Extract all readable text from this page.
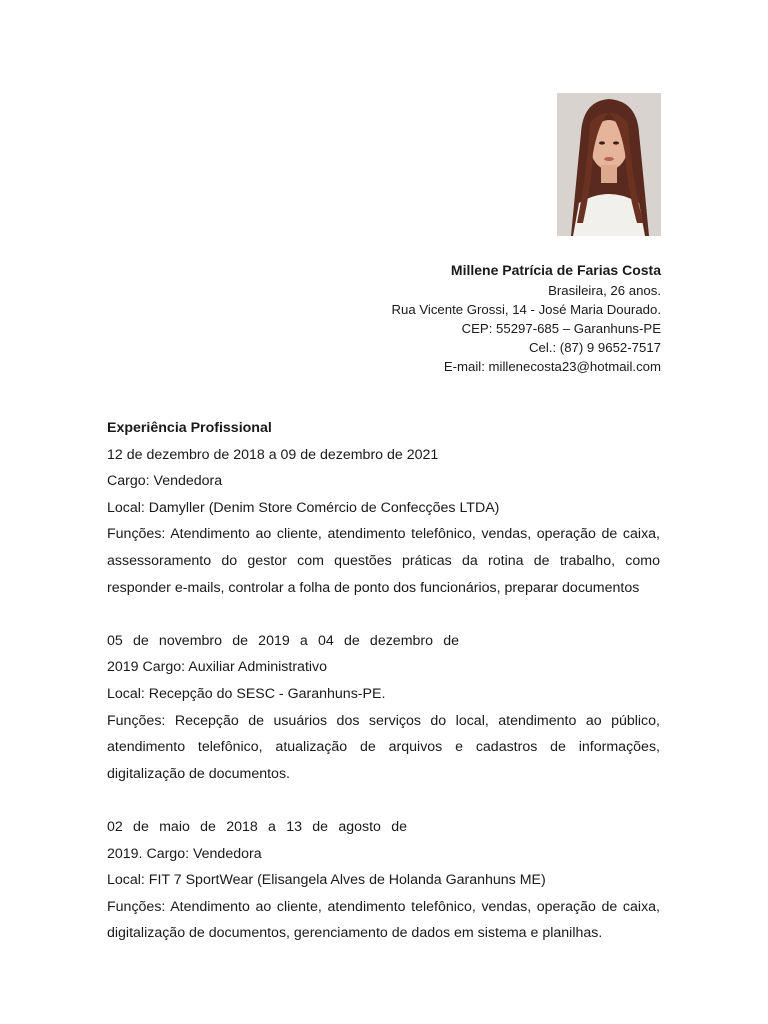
Millene Patrícia de Farias Costa
Brasileira, 26 anos.
Rua Vicente Grossi, 14 - José Maria Dourado.
CEP: 55297-685 – Garanhuns-PE
Cel.: (87) 9 9652-7517
E-mail: millenecosta23@hotmail.com

Experiência Profissional

12 de dezembro de 2018 a 09 de dezembro de 2021

Cargo: Vendedora

Local: Damyller (Denim Store Comércio de Confecções LTDA)

Funções: Atendimento ao cliente, atendimento telefônico, vendas, operação de caixa, assessoramento do gestor com questões práticas da rotina de trabalho, como responder e-mails, controlar a folha de ponto dos funcionários, preparar documentos

05 de novembro de 2019 a 04 de dezembro de

2019 Cargo: Auxiliar Administrativo

Local: Recepção do SESC - Garanhuns-PE.

Funções: Recepção de usuários dos serviços do local, atendimento ao público, atendimento telefônico, atualização de arquivos e cadastros de informações, digitalização de documentos.

02 de maio de 2018 a 13 de agosto de

2019. Cargo: Vendedora

Local: FIT 7 SportWear (Elisangela Alves de Holanda Garanhuns ME)

Funções: Atendimento ao cliente, atendimento telefônico, vendas, operação de caixa, digitalização de documentos, gerenciamento de dados em sistema e planilhas.
